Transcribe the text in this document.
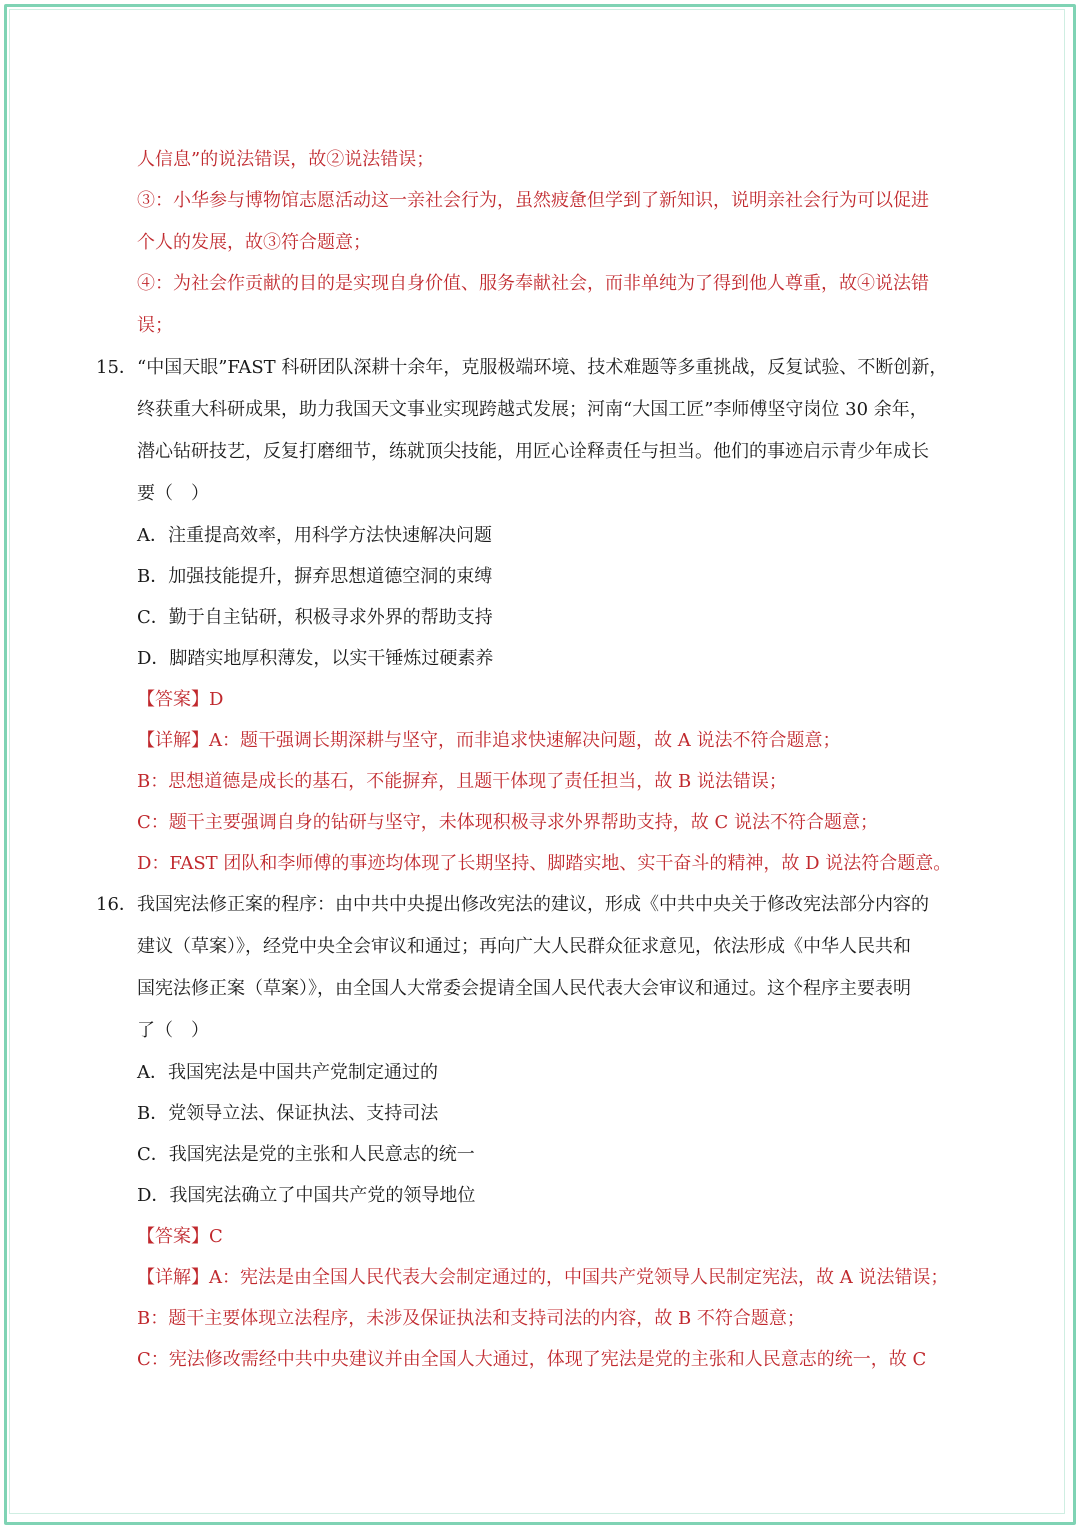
人信息”的说法错误，故②说法错误；
③：小华参与博物馆志愿活动这一亲社会行为，虽然疲惫但学到了新知识，说明亲社会行为可以促进
个人的发展，故③符合题意；
④：为社会作贡献的目的是实现自身价值、服务奉献社会，而非单纯为了得到他人尊重，故④说法错
误；
15． “中国天眼”FAST 科研团队深耕十余年，克服极端环境、技术难题等多重挑战，反复试验、不断创新，
终获重大科研成果，助力我国天文事业实现跨越式发展；河南“大国工匠”李师傅坚守岗位 30 余年，
潜心钻研技艺，反复打磨细节，练就顶尖技能，用匠心诠释责任与担当。他们的事迹启示青少年成长
要（　）
A．注重提高效率，用科学方法快速解决问题
B．加强技能提升，摒弃思想道德空洞的束缚
C．勤于自主钻研，积极寻求外界的帮助支持
D．脚踏实地厚积薄发，以实干锤炼过硬素养
【答案】D
【详解】A：题干强调长期深耕与坚守，而非追求快速解决问题，故 A 说法不符合题意；
B：思想道德是成长的基石，不能摒弃，且题干体现了责任担当，故 B 说法错误；
C：题干主要强调自身的钻研与坚守，未体现积极寻求外界帮助支持，故 C 说法不符合题意；
D：FAST 团队和李师傅的事迹均体现了长期坚持、脚踏实地、实干奋斗的精神，故 D 说法符合题意。
16． 我国宪法修正案的程序：由中共中央提出修改宪法的建议，形成《中共中央关于修改宪法部分内容的
建议（草案）》，经党中央全会审议和通过；再向广大人民群众征求意见，依法形成《中华人民共和
国宪法修正案（草案）》，由全国人大常委会提请全国人民代表大会审议和通过。这个程序主要表明
了（　）
A．我国宪法是中国共产党制定通过的
B．党领导立法、保证执法、支持司法
C．我国宪法是党的主张和人民意志的统一
D．我国宪法确立了中国共产党的领导地位
【答案】C
【详解】A：宪法是由全国人民代表大会制定通过的，中国共产党领导人民制定宪法，故 A 说法错误；
B：题干主要体现立法程序，未涉及保证执法和支持司法的内容，故 B 不符合题意；
C：宪法修改需经中共中央建议并由全国人大通过，体现了宪法是党的主张和人民意志的统一，故 C
